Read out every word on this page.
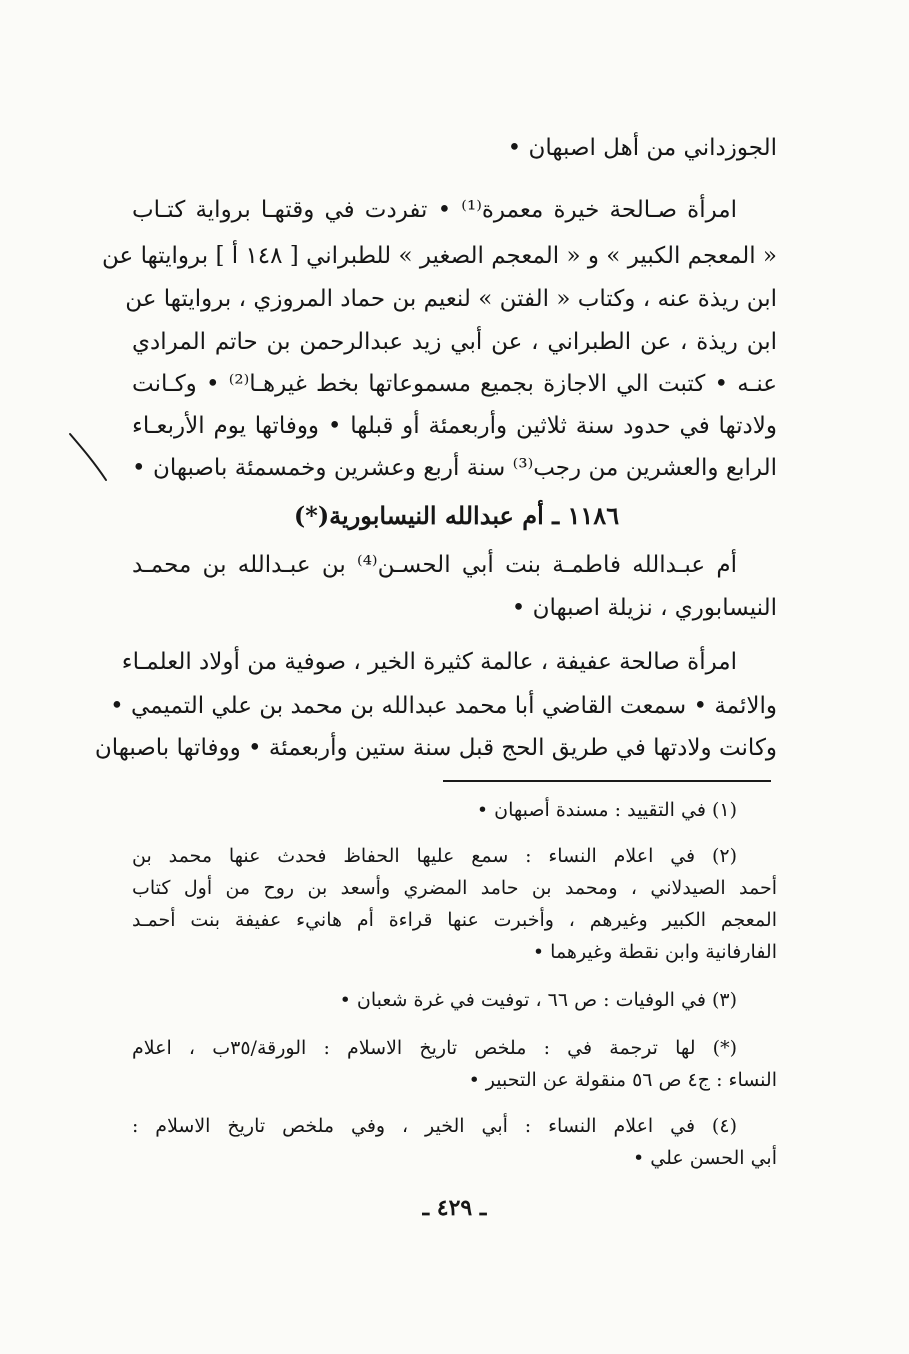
الجوزداني من أهل اصبهان •

امرأة صـالحة خيرة معمرة⁽¹⁾ • تفردت في وقتهـا برواية كتـاب

« المعجم الكبير » و « المعجم الصغير » للطبراني [ ١٤٨ أ ] بروايتها عن

ابن ريذة عنه ، وكتاب « الفتن » لنعيم بن حماد المروزي ، بروايتها عن

ابن ريذة ، عن الطبراني ، عن أبي زيد عبدالرحمن بن حاتم المرادي

عنـه • كتبت الي الاجازة بجميع مسموعاتها بخط غيرهـا⁽²⁾ • وكـانت

ولادتها في حدود سنة ثلاثين وأربعمئة أو قبلها • ووفاتها يوم الأربعـاء

الرابع والعشرين من رجب⁽³⁾ سنة أربع وعشرين وخمسمئة باصبهان •

١١٨٦ ـ أم عبدالله النيسابورية(*)

أم عبـدالله فاطمـة بنت أبي الحسـن⁽⁴⁾ بن عبـدالله بن محمـد

النيسابوري ، نزيلة اصبهان •

امرأة صالحة عفيفة ، عالمة كثيرة الخير ، صوفية من أولاد العلمـاء

والائمة • سمعت القاضي أبا محمد عبدالله بن محمد بن علي التميمي •

وكانت ولادتها في طريق الحج قبل سنة ستين وأربعمئة • ووفاتها باصبهان

(١) في التقييد : مسندة أصبهان •

(٢) في اعلام النساء : سمع عليها الحفاظ فحدث عنها محمد بن

أحمد الصيدلاني ، ومحمد بن حامد المضري وأسعد بن روح من أول كتاب

المعجم الكبير وغيرهم ، وأخبرت عنها قراءة أم هانيء عفيفة بنت أحمـد

الفارفانية وابن نقطة وغيرهما •

(٣) في الوفيات : ص ٦٦ ، توفيت في غرة شعبان •

(*) لها ترجمة في : ملخص تاريخ الاسلام : الورقة/٣٥ب ، اعلام

النساء : ج٤ ص ٥٦ منقولة عن التحبير •

(٤) في اعلام النساء : أبي الخير ، وفي ملخص تاريخ الاسلام :

أبي الحسن علي •

ـ ٤٢٩ ـ
